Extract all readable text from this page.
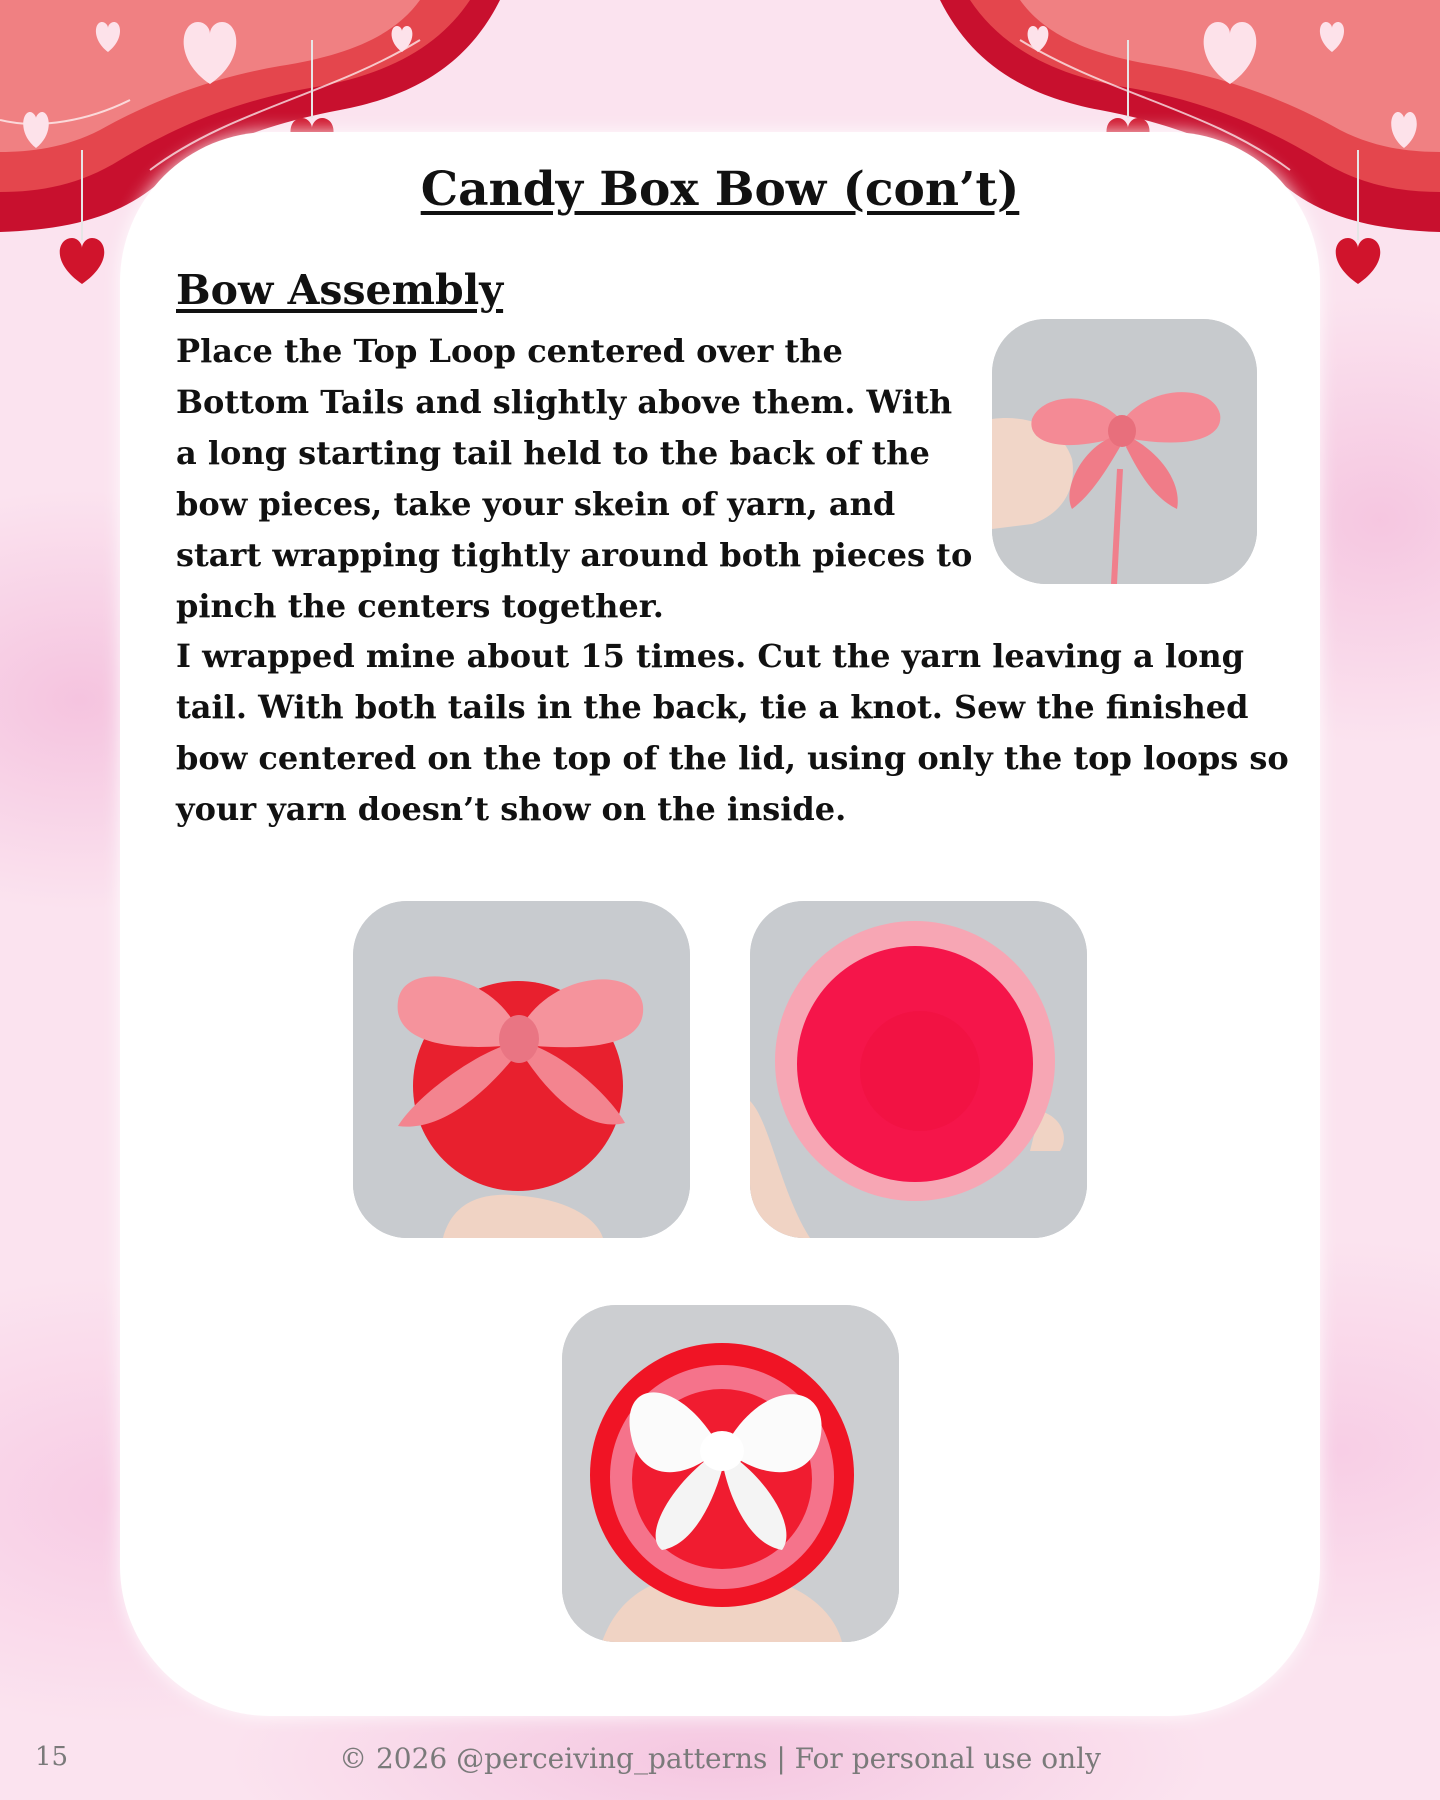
Candy Box Bow (con’t)
Bow Assembly

Place the Top Loop centered over the Bottom Tails and slightly above them. With a long starting tail held to the back of the bow pieces, take your skein of yarn, and start wrapping tightly around both pieces to pinch the centers together.

I wrapped mine about 15 times. Cut the yarn leaving a long tail. With both tails in the back, tie a knot. Sew the finished bow centered on the top of the lid, using only the top loops so your yarn doesn’t show on the inside.

15	© 2026 @perceiving_patterns | For personal use only
